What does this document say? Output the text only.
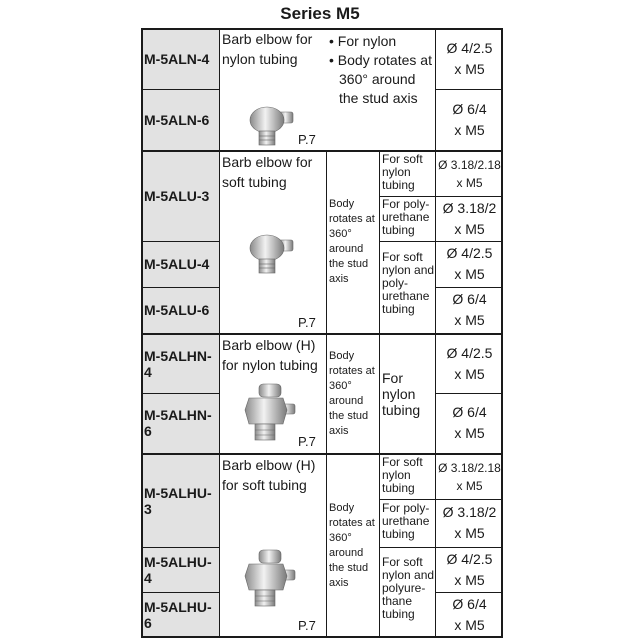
Series M5
M-5ALN-4
M-5ALN-6
Barb elbow for nylon tubing
P.7
• For nylon
• Body rotates at 360° around the stud axis
Ø 4/2.5
x M5
Ø 6/4
x M5
M-5ALU-3
M-5ALU-4
M-5ALU-6
Barb elbow for soft tubing
P.7
Body rotates at 360° around the stud axis
For soft nylon tubing
For poly-urethane tubing
For soft nylon and poly-urethane tubing
Ø 3.18/2.18
x M5
Ø 3.18/2
x M5
Ø 4/2.5
x M5
Ø 6/4
x M5
M-5ALHN-4
M-5ALHN-6
Barb elbow (H) for nylon tubing
P.7
Body rotates at 360° around the stud axis
For nylon tubing
Ø 4/2.5
x M5
Ø 6/4
x M5
M-5ALHU-3
M-5ALHU-4
M-5ALHU-6
Barb elbow (H) for soft tubing
P.7
Body rotates at 360° around the stud axis
For soft nylon tubing
For poly-urethane tubing
For soft nylon and polyure-thane tubing
Ø 3.18/2.18
x M5
Ø 3.18/2
x M5
Ø 4/2.5
x M5
Ø 6/4
x M5
